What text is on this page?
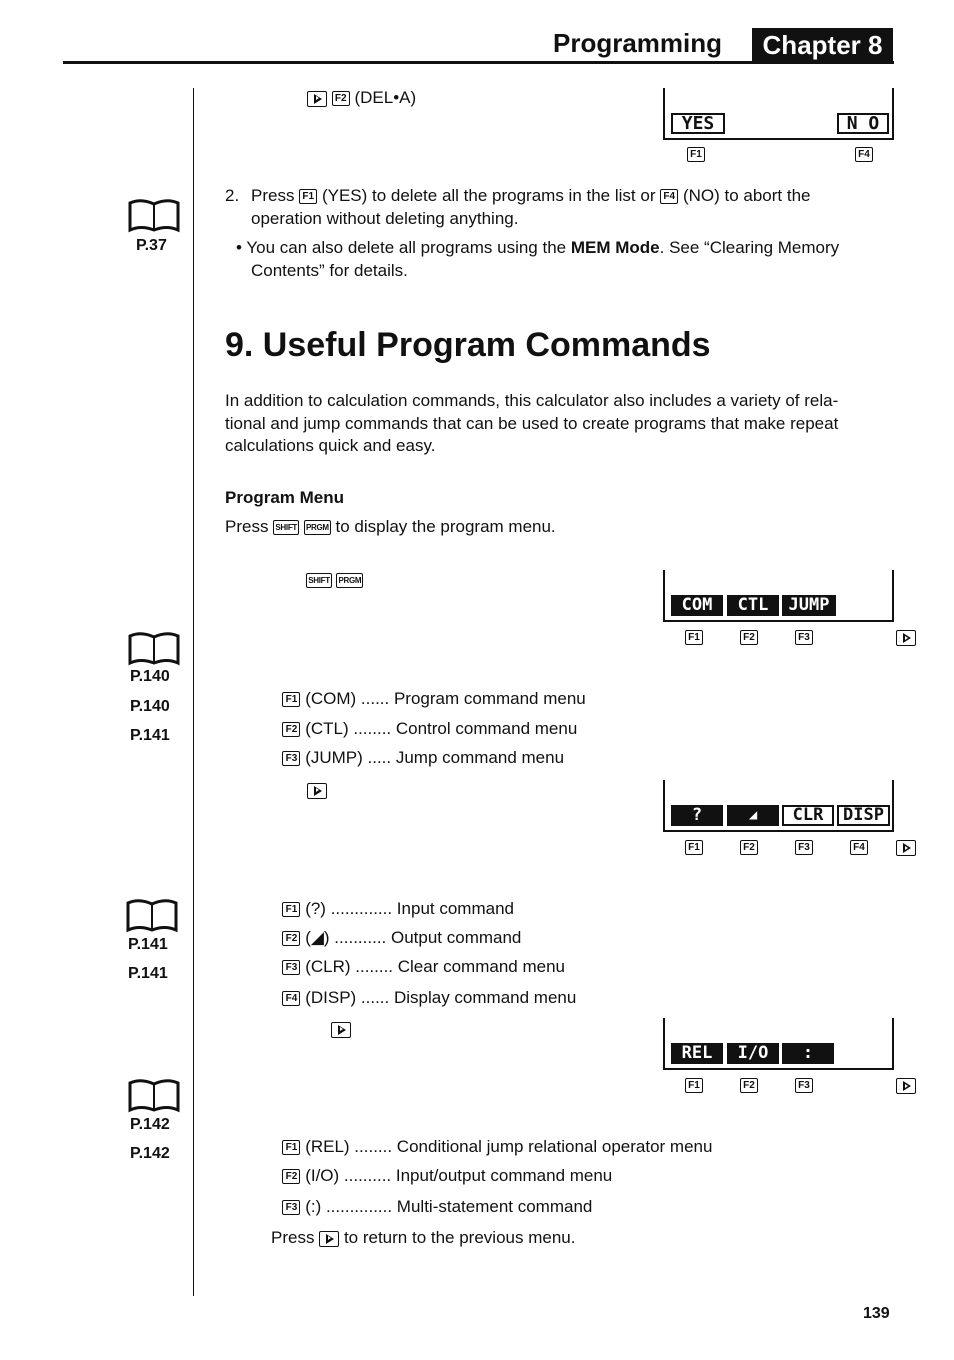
Programming	Chapter 8
P.37
P.140
P.140
P.141
P.141
P.141
P.142
P.142
F2 (DEL•A)
YES	N O
F1	F4
2. Press F1 (YES) to delete all the programs in the list or F4 (NO) to abort the
operation without deleting anything.
• You can also delete all programs using the MEM Mode. See “Clearing Memory
Contents” for details.
9. Useful Program Commands
In addition to calculation commands, this calculator also includes a variety of rela-
tional and jump commands that can be used to create programs that make repeat
calculations quick and easy.
Program Menu
Press SHIFT PRGM to display the program menu.
SHIFT PRGM
COM	CTL	JUMP
F1	F2	F3

F1 (COM) ...... Program command menu

F2 (CTL) ........ Control command menu

F3 (JUMP) ..... Jump command menu

?	◢	CLR	DISP
F1	F2	F3	F4

F1 (?) ............. Input command

F2 (◢) ........... Output command

F3 (CLR) ........ Clear command menu

F4 (DISP) ...... Display command menu

REL	I/O	:
F1	F2	F3

F1 (REL) ........ Conditional jump relational operator menu

F2 (I/O) .......... Input/output command menu

F3 (:) .............. Multi-statement command

Press to return to the previous menu.
139
